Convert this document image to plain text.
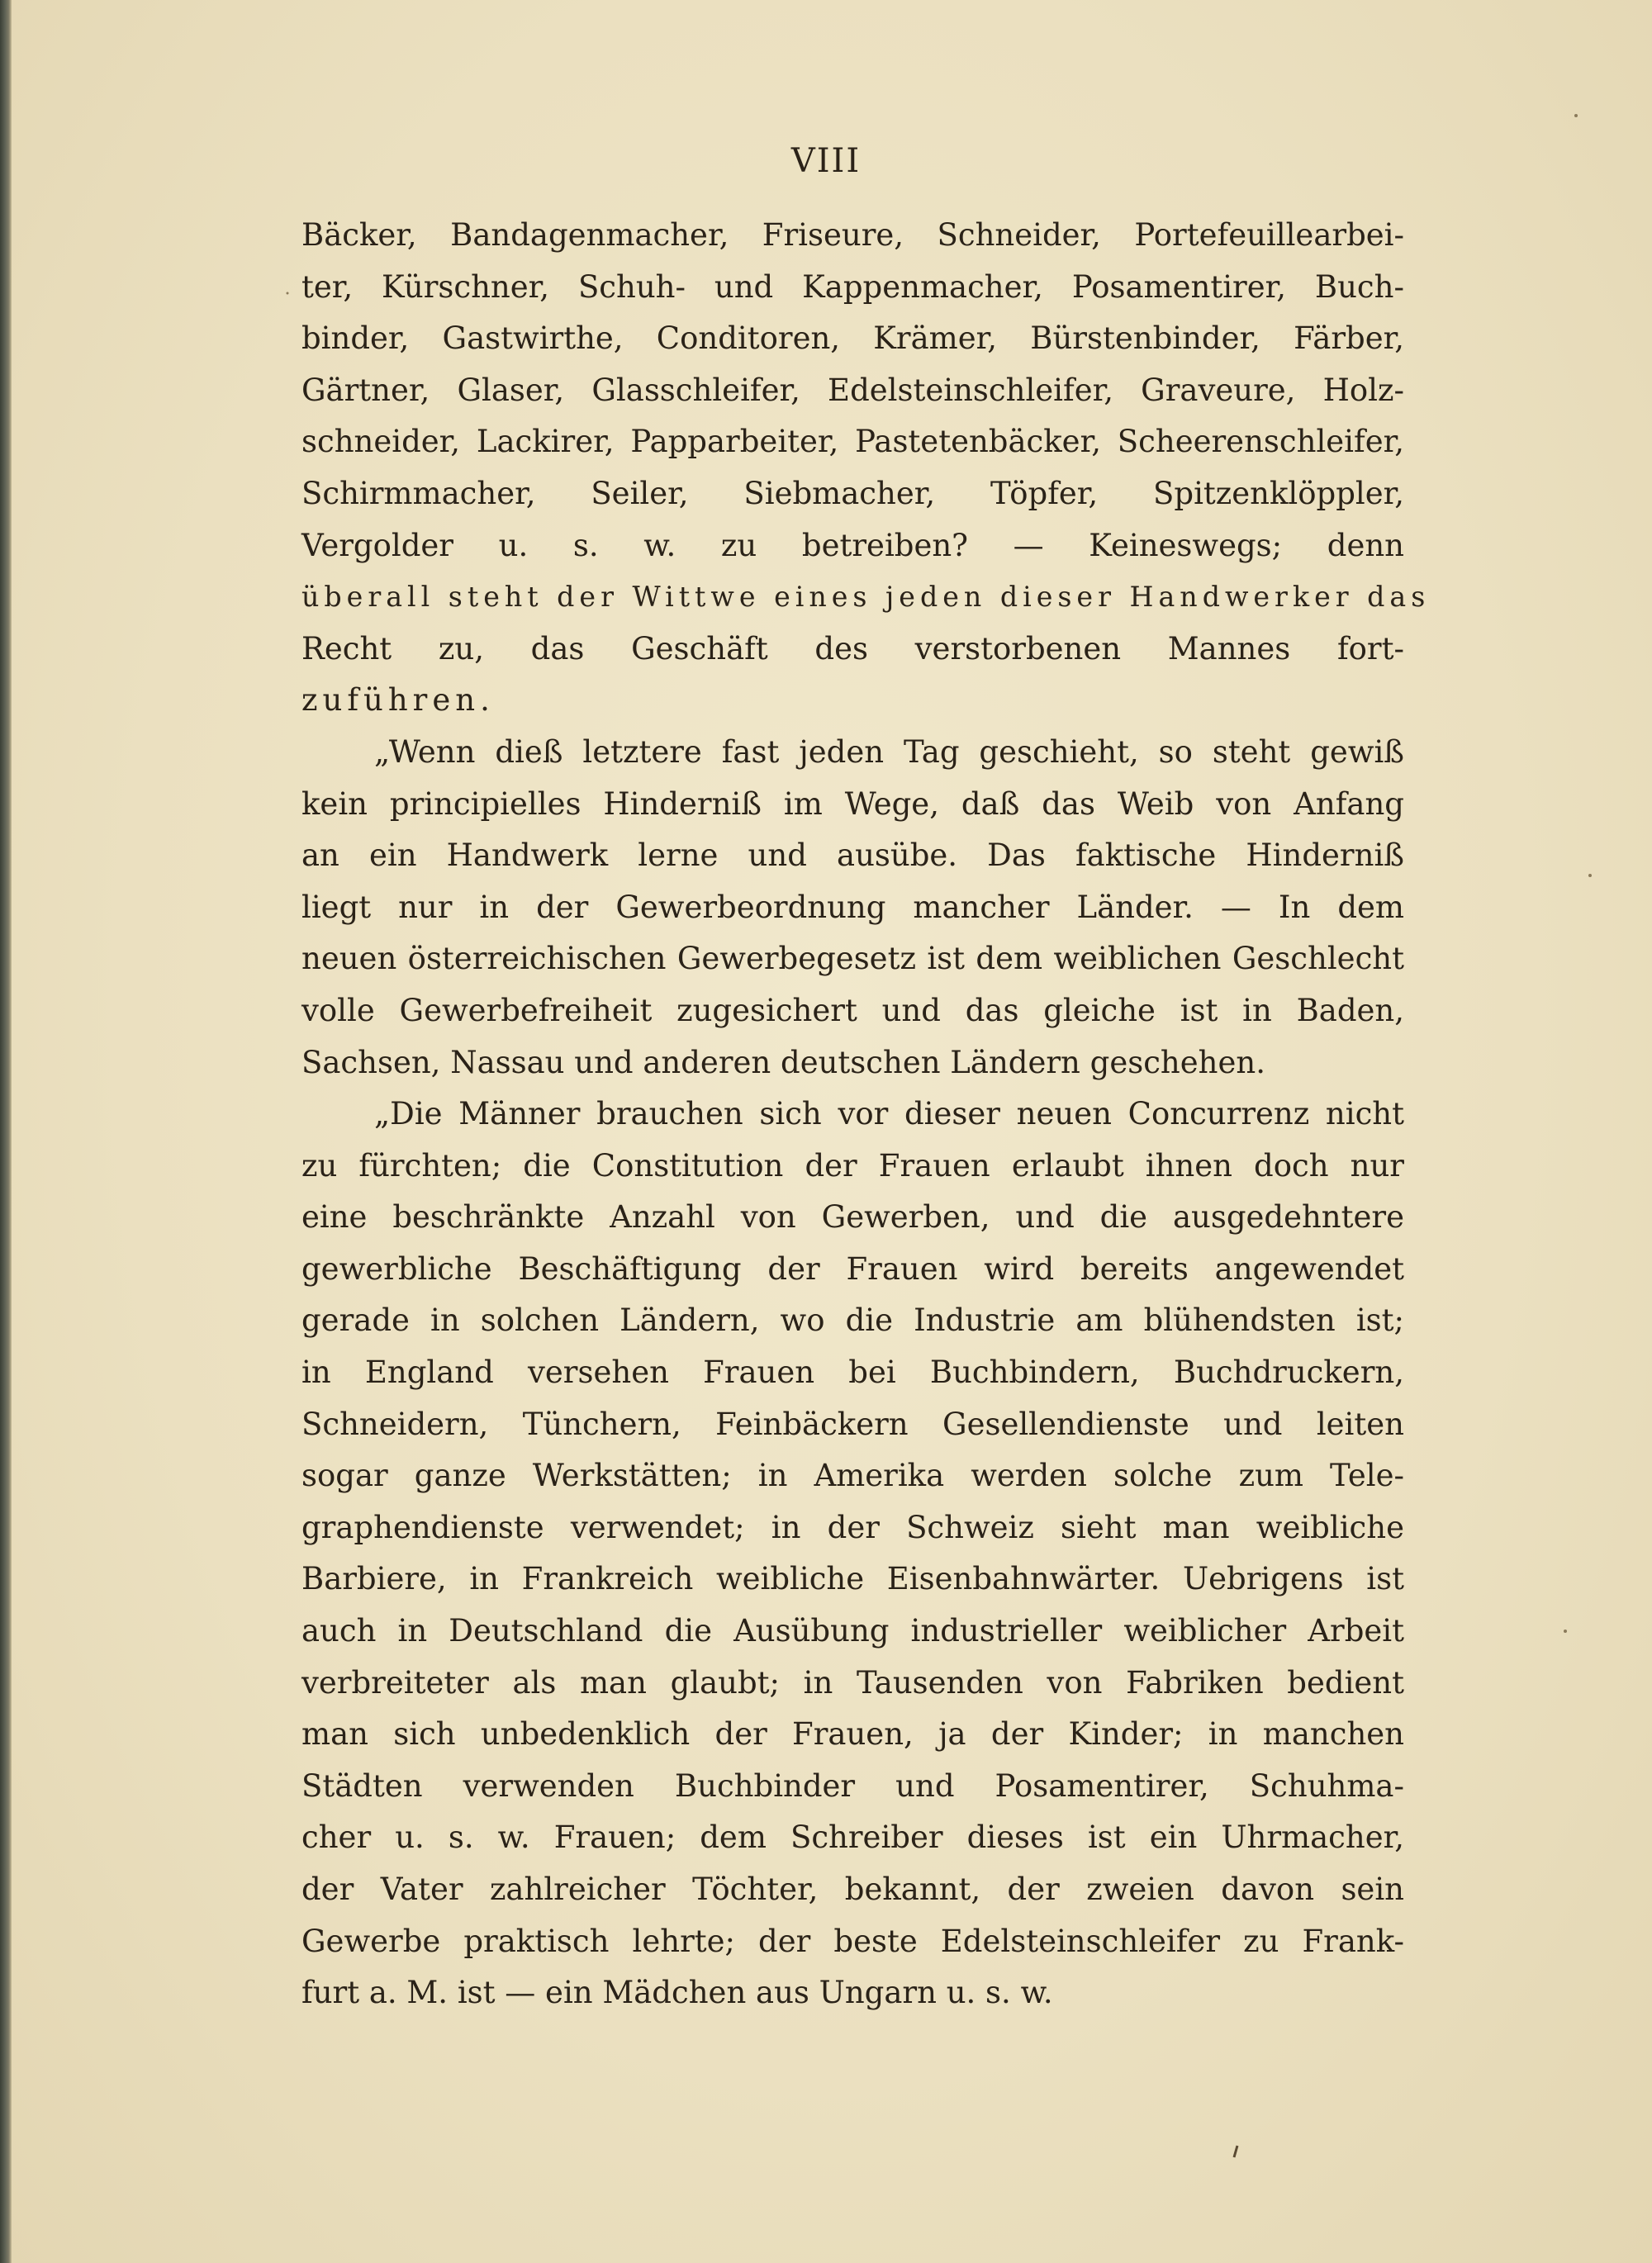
VIII
Bäcker, Bandagenmacher, Friseure, Schneider, Portefeuillearbei-
ter, Kürschner, Schuh- und Kappenmacher, Posamentirer, Buch-
binder, Gastwirthe, Conditoren, Krämer, Bürstenbinder, Färber,
Gärtner, Glaser, Glasschleifer, Edelsteinschleifer, Graveure, Holz-
schneider, Lackirer, Papparbeiter, Pastetenbäcker, Scheerenschleifer,
Schirmmacher, Seiler, Siebmacher, Töpfer, Spitzenklöppler,
Vergolder u. s. w. zu betreiben? — Keineswegs; denn
überall steht der Wittwe eines jeden dieser Handwerker das
Recht zu, das Geschäft des verstorbenen Mannes fort-
zuführen.
„Wenn dieß letztere fast jeden Tag geschieht, so steht gewiß
kein principielles Hinderniß im Wege, daß das Weib von Anfang
an ein Handwerk lerne und ausübe. Das faktische Hinderniß
liegt nur in der Gewerbeordnung mancher Länder. — In dem
neuen österreichischen Gewerbegesetz ist dem weiblichen Geschlecht
volle Gewerbefreiheit zugesichert und das gleiche ist in Baden,
Sachsen, Nassau und anderen deutschen Ländern geschehen.
„Die Männer brauchen sich vor dieser neuen Concurrenz nicht
zu fürchten; die Constitution der Frauen erlaubt ihnen doch nur
eine beschränkte Anzahl von Gewerben, und die ausgedehntere
gewerbliche Beschäftigung der Frauen wird bereits angewendet
gerade in solchen Ländern, wo die Industrie am blühendsten ist;
in England versehen Frauen bei Buchbindern, Buchdruckern,
Schneidern, Tünchern, Feinbäckern Gesellendienste und leiten
sogar ganze Werkstätten; in Amerika werden solche zum Tele-
graphendienste verwendet; in der Schweiz sieht man weibliche
Barbiere, in Frankreich weibliche Eisenbahnwärter. Uebrigens ist
auch in Deutschland die Ausübung industrieller weiblicher Arbeit
verbreiteter als man glaubt; in Tausenden von Fabriken bedient
man sich unbedenklich der Frauen, ja der Kinder; in manchen
Städten verwenden Buchbinder und Posamentirer, Schuhma-
cher u. s. w. Frauen; dem Schreiber dieses ist ein Uhrmacher,
der Vater zahlreicher Töchter, bekannt, der zweien davon sein
Gewerbe praktisch lehrte; der beste Edelsteinschleifer zu Frank-
furt a. M. ist — ein Mädchen aus Ungarn u. s. w.
